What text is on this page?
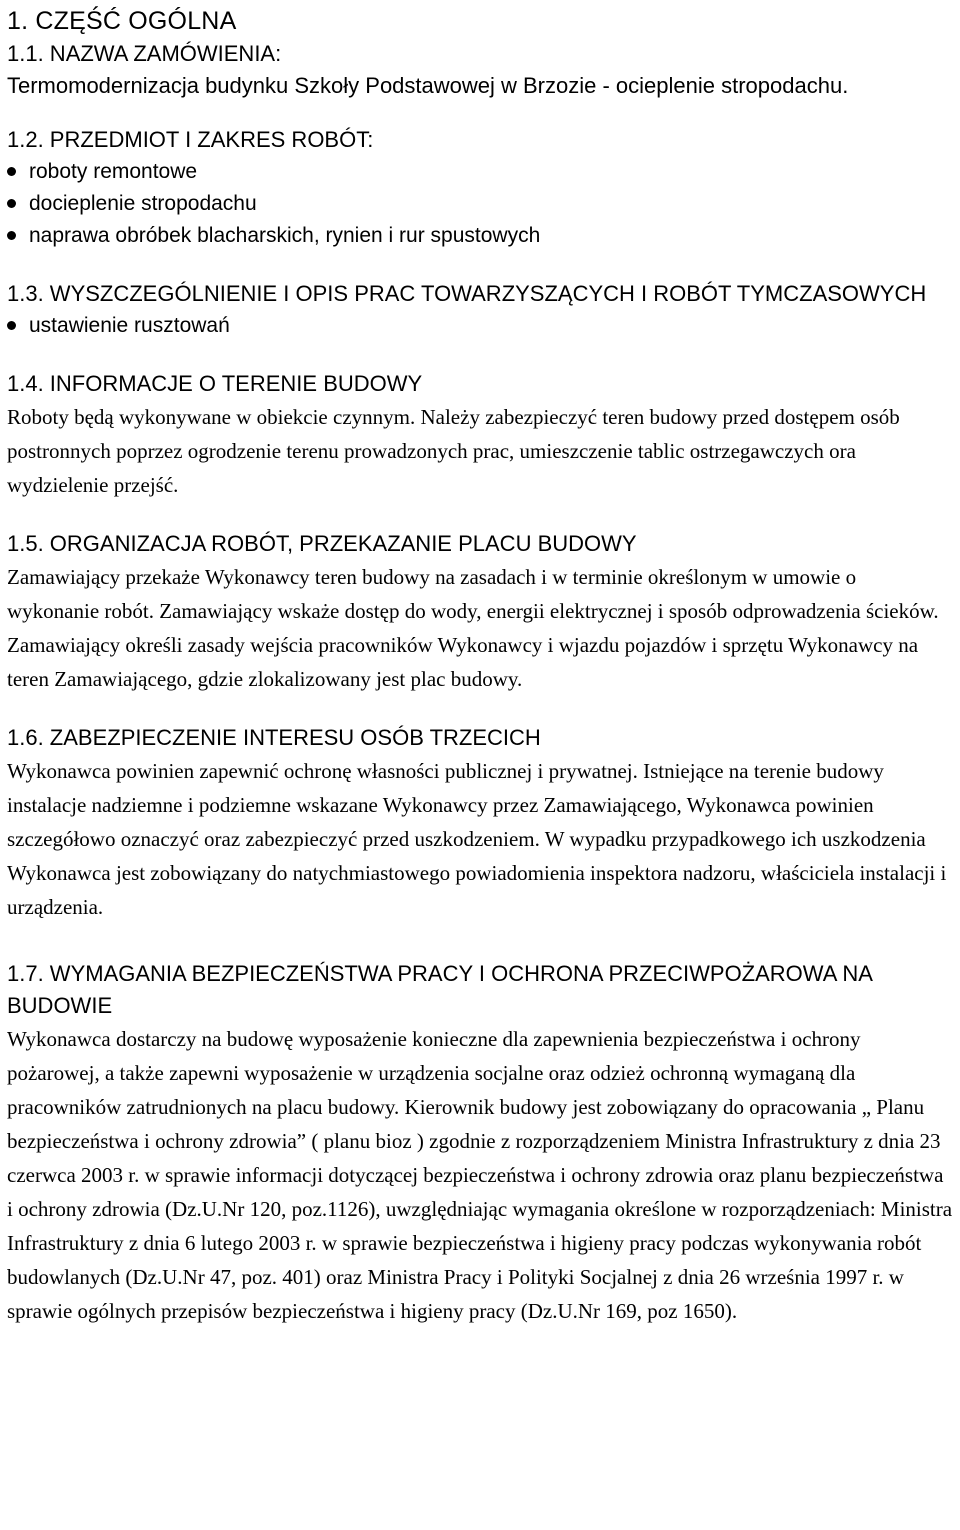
1. CZĘŚĆ OGÓLNA
1.1. NAZWA ZAMÓWIENIA:

Termomodernizacja budynku Szkoły Podstawowej w Brzozie - ocieplenie stropodachu.

1.2. PRZEDMIOT I ZAKRES ROBÓT:
roboty remontowe
docieplenie stropodachu
naprawa obróbek blacharskich, rynien i rur spustowych
1.3. WYSZCZEGÓLNIENIE I OPIS PRAC TOWARZYSZĄCYCH I ROBÓT TYMCZASOWYCH
ustawienie rusztowań
1.4. INFORMACJE O TERENIE BUDOWY

Roboty będą wykonywane w obiekcie czynnym. Należy zabezpieczyć teren budowy przed dostępem osób postronnych poprzez ogrodzenie terenu prowadzonych prac, umieszczenie tablic ostrzegawczych ora wydzielenie przejść.

1.5. ORGANIZACJA ROBÓT, PRZEKAZANIE PLACU BUDOWY

Zamawiający przekaże Wykonawcy teren budowy na zasadach i w terminie określonym w umowie o wykonanie robót. Zamawiający wskaże dostęp do wody, energii elektrycznej i sposób odprowadzenia ścieków. Zamawiający określi zasady wejścia pracowników Wykonawcy i wjazdu pojazdów i sprzętu Wykonawcy na teren Zamawiającego, gdzie zlokalizowany jest plac budowy.

1.6. ZABEZPIECZENIE INTERESU OSÓB TRZECICH

Wykonawca powinien zapewnić ochronę własności publicznej i prywatnej. Istniejące na terenie budowy instalacje nadziemne i podziemne wskazane Wykonawcy przez Zamawiającego, Wykonawca powinien szczegółowo oznaczyć oraz zabezpieczyć przed uszkodzeniem. W wypadku przypadkowego ich uszkodzenia Wykonawca jest zobowiązany do natychmiastowego powiadomienia inspektora nadzoru, właściciela instalacji i urządzenia.

1.7. WYMAGANIA BEZPIECZEŃSTWA PRACY I OCHRONA PRZECIWPOŻAROWA NA BUDOWIE

Wykonawca dostarczy na budowę wyposażenie konieczne dla zapewnienia bezpieczeństwa i ochrony pożarowej, a także zapewni wyposażenie w urządzenia socjalne oraz odzież ochronną wymaganą dla pracowników zatrudnionych na placu budowy. Kierownik budowy jest zobowiązany do opracowania „ Planu bezpieczeństwa i ochrony zdrowia” ( planu bioz ) zgodnie z rozporządzeniem Ministra Infrastruktury z dnia 23 czerwca 2003 r. w sprawie informacji dotyczącej bezpieczeństwa i ochrony zdrowia oraz planu bezpieczeństwa i ochrony zdrowia (Dz.U.Nr 120, poz.1126), uwzględniając wymagania określone w rozporządzeniach: Ministra Infrastruktury z dnia 6 lutego 2003 r. w sprawie bezpieczeństwa i higieny pracy podczas wykonywania robót budowlanych (Dz.U.Nr 47, poz. 401) oraz Ministra Pracy i Polityki Socjalnej z dnia 26 września 1997 r. w sprawie ogólnych przepisów bezpieczeństwa i higieny pracy (Dz.U.Nr 169, poz 1650).
